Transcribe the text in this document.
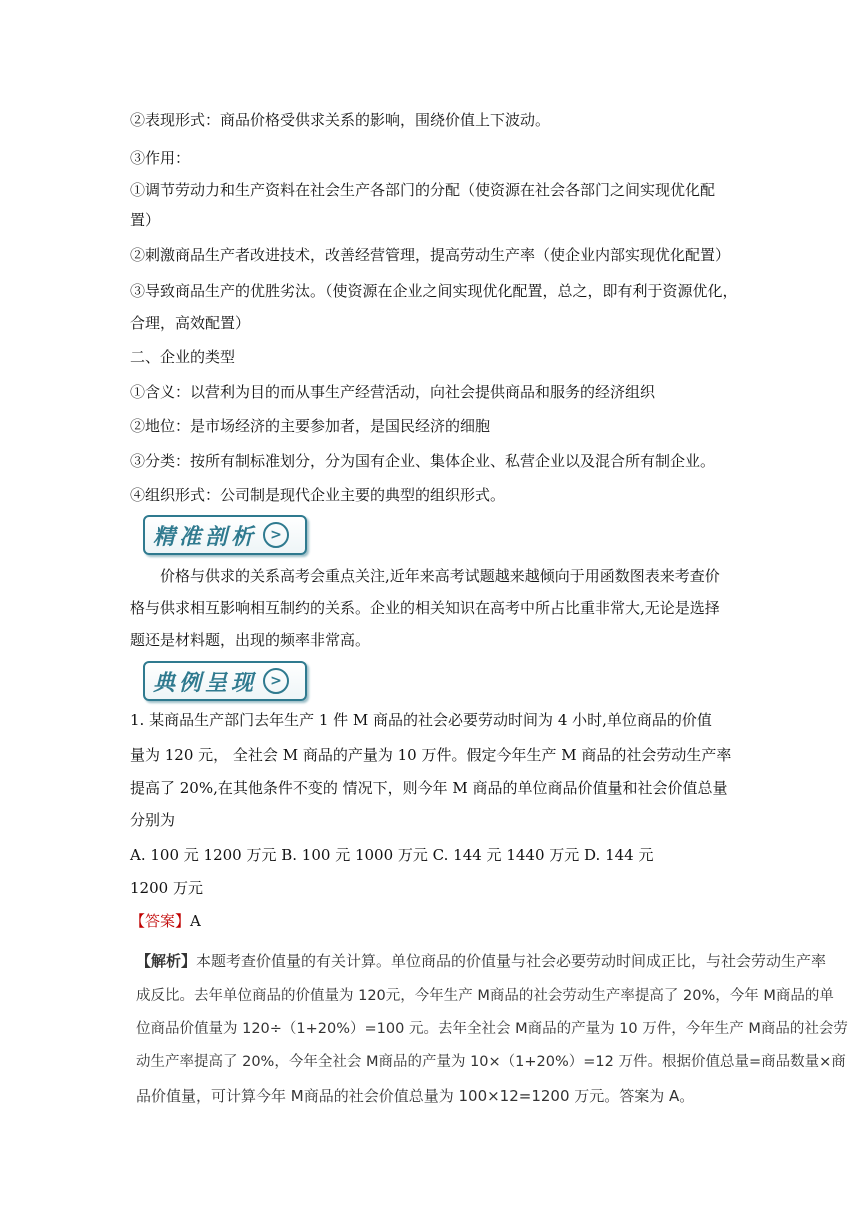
②表现形式：商品价格受供求关系的影响，围绕价值上下波动。
③作用：
①调节劳动力和生产资料在社会生产各部门的分配（使资源在社会各部门之间实现优化配
置）
②刺激商品生产者改进技术，改善经营管理，提高劳动生产率（使企业内部实现优化配置）
③导致商品生产的优胜劣汰。（使资源在企业之间实现优化配置，总之，即有利于资源优化，
合理，高效配置）
二、企业的类型
①含义：以营利为目的而从事生产经营活动，向社会提供商品和服务的经济组织
②地位：是市场经济的主要参加者，是国民经济的细胞
③分类：按所有制标准划分，分为国有企业、集体企业、私营企业以及混合所有制企业。
④组织形式：公司制是现代企业主要的典型的组织形式。
精准剖析 >
价格与供求的关系高考会重点关注,近年来高考试题越来越倾向于用函数图表来考查价
格与供求相互影响相互制约的关系。企业的相关知识在高考中所占比重非常大,无论是选择
题还是材料题，出现的频率非常高。
典例呈现 >
1. 某商品生产部门去年生产 1 件 M 商品的社会必要劳动时间为 4 小时,单位商品的价值
量为 120 元， 全社会 M 商品的产量为 10 万件。假定今年生产 M 商品的社会劳动生产率
提高了 20%,在其他条件不变的 情况下，则今年 M 商品的单位商品价值量和社会价值总量
分别为
A. 100 元 1200 万元 B. 100 元 1000 万元 C. 144 元 1440 万元 D. 144 元
1200 万元
【答案】A
【解析】本题考查价值量的有关计算。单位商品的价值量与社会必要劳动时间成正比，与社会劳动生产率
成反比。去年单位商品的价值量为 120元，今年生产 M商品的社会劳动生产率提高了 20%，今年 M商品的单
位商品价值量为 120÷（1+20%）=100 元。去年全社会 M商品的产量为 10 万件，今年生产 M商品的社会劳
动生产率提高了 20%，今年全社会 M商品的产量为 10×（1+20%）=12 万件。根据价值总量=商品数量×商
品价值量，可计算今年 M商品的社会价值总量为 100×12=1200 万元。答案为 A。
